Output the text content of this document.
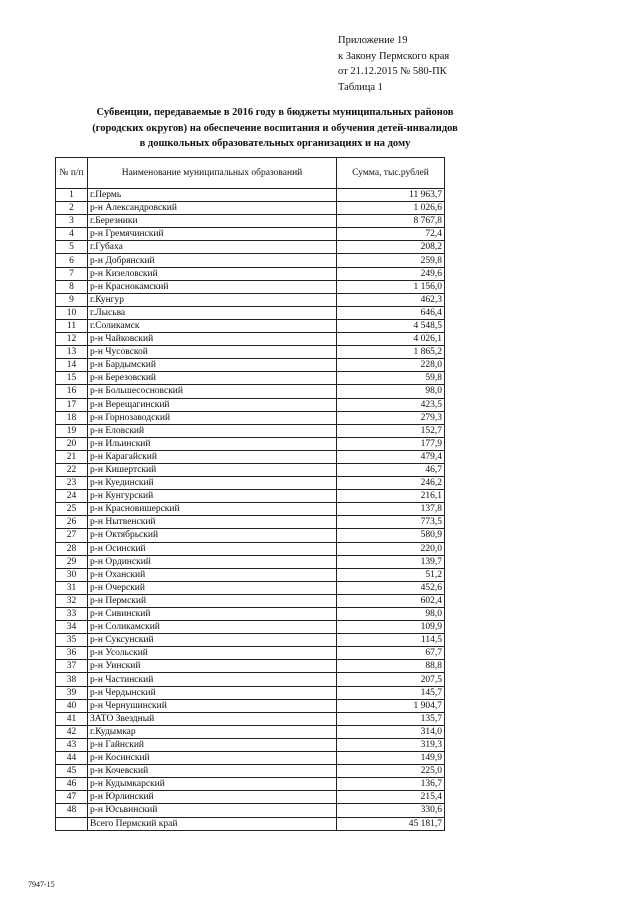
Приложение 19
к Закону Пермского края
от 21.12.2015 № 580-ПК
Таблица 1
Субвенции, передаваемые в 2016 году в бюджеты муниципальных районов
(городских округов) на обеспечение воспитания и обучения детей-инвалидов
в дошкольных образовательных организациях и на дому
№ п/п	Наименование муниципальных образований	Сумма, тыс.рублей
1	г.Пермь	11 963,7
2	р-н Александровский	1 026,6
3	г.Березники	8 767,8
4	р-н Гремячинский	72,4
5	г.Губаха	208,2
6	р-н Добрянский	259,8
7	р-н Кизеловский	249,6
8	р-н Краснокамский	1 156,0
9	г.Кунгур	462,3
10	г.Лысьва	646,4
11	г.Соликамск	4 548,5
12	р-н Чайковский	4 026,1
13	р-н Чусовской	1 865,2
14	р-н Бардымский	228,0
15	р-н Березовский	59,8
16	р-н Большесосновский	98,0
17	р-н Верещагинский	423,5
18	р-н Горнозаводский	279,3
19	р-н Еловский	152,7
20	р-н Ильинский	177,9
21	р-н Карагайский	479,4
22	р-н Кишертский	46,7
23	р-н Куединский	246,2
24	р-н Кунгурский	216,1
25	р-н Красновишерский	137,8
26	р-н Нытвенский	773,5
27	р-н Октябрьский	580,9
28	р-н Осинский	220,0
29	р-н Ординский	139,7
30	р-н Оханский	51,2
31	р-н Очерский	452,6
32	р-н Пермский	602,4
33	р-н Сивинский	98,0
34	р-н Соликамский	109,9
35	р-н Суксунский	114,5
36	р-н Усольский	67,7
37	р-н Уинский	88,8
38	р-н Частинский	207,5
39	р-н Чердынский	145,7
40	р-н Чернушинский	1 904,7
41	ЗАТО Звездный	135,7
42	г.Кудымкар	314,0
43	р-н Гайнский	319,3
44	р-н Косинский	149,9
45	р-н Кочевский	225,0
46	р-н Кудымкарский	136,7
47	р-н Юрлинский	215,4
48	р-н Юсьвинский	330,6
	Всего Пермский край	45 181,7
7947-15
